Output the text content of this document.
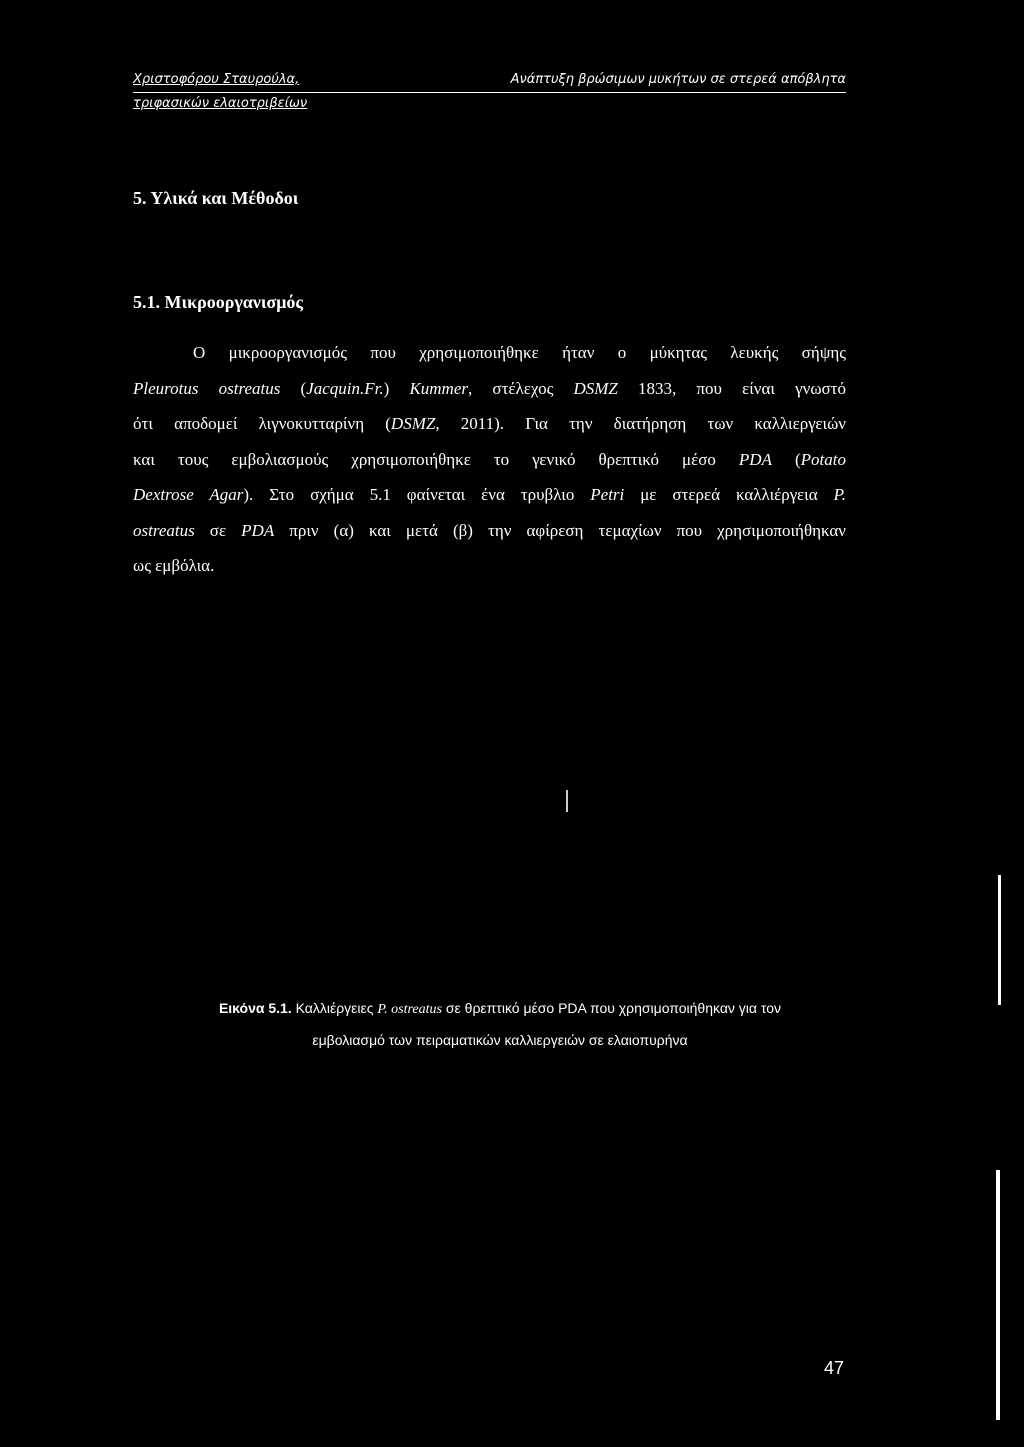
Χριστοφόρου Σταυρούλα,	Ανάπτυξη βρώσιμων μυκήτων σε στερεά απόβλητα
τριφασικών ελαιοτριβείων
5. Υλικά και Μέθοδοι
5.1. Μικροοργανισμός

Ο μικροοργανισμός που χρησιμοποιήθηκε ήταν ο μύκητας λευκής σήψης
Pleurotus ostreatus (Jacquin.Fr.) Kummer, στέλεχος DSMZ 1833, που είναι γνωστό
ότι αποδομεί λιγνοκυτταρίνη (DSMZ, 2011). Για την διατήρηση των καλλιεργειών
και τους εμβολιασμούς χρησιμοποιήθηκε το γενικό θρεπτικό μέσο PDA (Potato
Dextrose Agar). Στο σχήμα 5.1 φαίνεται ένα τρυβλιο Petri με στερεά καλλιέργεια P.
ostreatus σε PDA πριν (α) και μετά (β) την αφίρεση τεμαχίων που χρησιμοποιήθηκαν
ως εμβόλια.

Εικόνα 5.1. Καλλιέργειες P. ostreatus σε θρεπτικό μέσο PDA που χρησιμοποιήθηκαν για τον
εμβολιασμό των πειραματικών καλλιεργειών σε ελαιοπυρήνα

47
